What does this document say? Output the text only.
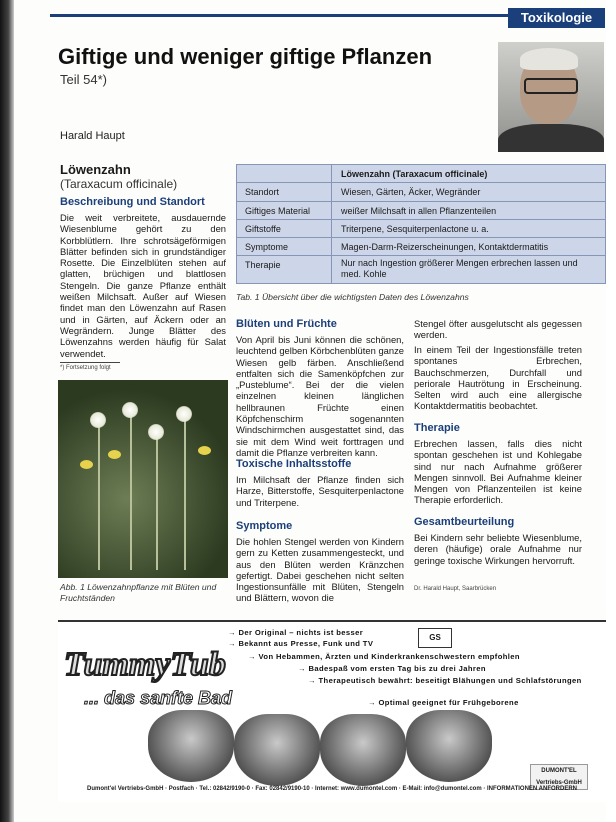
Toxikologie
Giftige und weniger giftige Pflanzen
Teil 54*)
Harald Haupt
Löwenzahn
(Taraxacum officinale)
Beschreibung und Standort
Die weit verbreitete, ausdauernde Wiesenblume gehört zu den Korbblütlern. Ihre schrotsägeförmigen Blätter befinden sich in grundständiger Rosette. Die Einzelblüten stehen auf glatten, brüchigen und blattlosen Stengeln. Die ganze Pflanze enthält weißen Milchsaft. Außer auf Wiesen findet man den Löwenzahn auf Rasen und in Gärten, auf Äckern oder an Wegrändern. Junge Blätter des Löwenzahns werden häufig für Salat verwendet.
*) Fortsetzung folgt
Abb. 1 Löwenzahnpflanze mit Blüten und Fruchtständen
Löwenzahn (Taraxacum officinale)
Standort	Wiesen, Gärten, Äcker, Wegränder
Giftiges Material	weißer Milchsaft in allen Pflanzenteilen
Giftstoffe	Triterpene, Sesquiterpenlactone u. a.
Symptome	Magen-Darm-Reizerscheinungen, Kontaktdermatitis
Therapie	Nur nach Ingestion größerer Mengen erbrechen lassen und med. Kohle
Tab. 1 Übersicht über die wichtigsten Daten des Löwenzahns
Blüten und Früchte
Von April bis Juni können die schönen, leuchtend gelben Körbchenblüten ganze Wiesen gelb färben. Anschließend entfalten sich die Samenköpfchen zur „Pusteblume“. Bei der die vielen einzelnen kleinen länglichen hellbraunen Früchte einen Köpfchenschirm sogenannten Windschirmchen ausgestattet sind, das sie mit dem Wind weit forttragen und damit die Pflanze verbreiten kann.
Toxische Inhaltsstoffe
Im Milchsaft der Pflanze finden sich Harze, Bitterstoffe, Sesquiterpenlactone und Triterpene.
Symptome
Die hohlen Stengel werden von Kindern gern zu Ketten zusammengesteckt, und aus den Blüten werden Kränzchen gefertigt. Dabei geschehen nicht selten Ingestionsunfälle mit Blüten, Stengeln und Blättern, wovon die
Stengel öfter ausgelutscht als gegessen werden.
In einem Teil der Ingestionsfälle treten spontanes Erbrechen, Bauchschmerzen, Durchfall und periorale Hautrötung in Erscheinung. Selten wird auch eine allergische Kontaktdermatitis beobachtet.
Therapie
Erbrechen lassen, falls dies nicht spontan geschehen ist und Kohlegabe sind nur nach Aufnahme größerer Mengen sinnvoll. Bei Aufnahme kleiner Mengen von Pflanzenteilen ist keine Therapie erforderlich.
Gesamtbeurteilung
Bei Kindern sehr beliebte Wiesenblume, deren (häufige) orale Aufnahme nur geringe toxische Wirkungen hervorruft.
Dr. Harald Haupt, Saarbrücken
→ Der Original – nichts ist besser
→ Bekannt aus Presse, Funk und TV
→ Von Hebammen, Ärzten und Kinderkrankenschwestern empfohlen
→ Badespaß vom ersten Tag bis zu drei Jahren
→ Therapeutisch bewährt: beseitigt Blähungen und Schlafstörungen
→ Optimal geeignet für Frühgeborene
GS
TummyTub
... das sanfte Bad
DUMONT'EL Vertriebs-GmbH
Dumont'el Vertriebs-GmbH · Postfach · Tel.: 02842/9190-0 · Fax: 02842/9190-10 · Internet: www.dumontel.com · E-Mail: info@dumontel.com · INFORMATIONEN ANFORDERN
